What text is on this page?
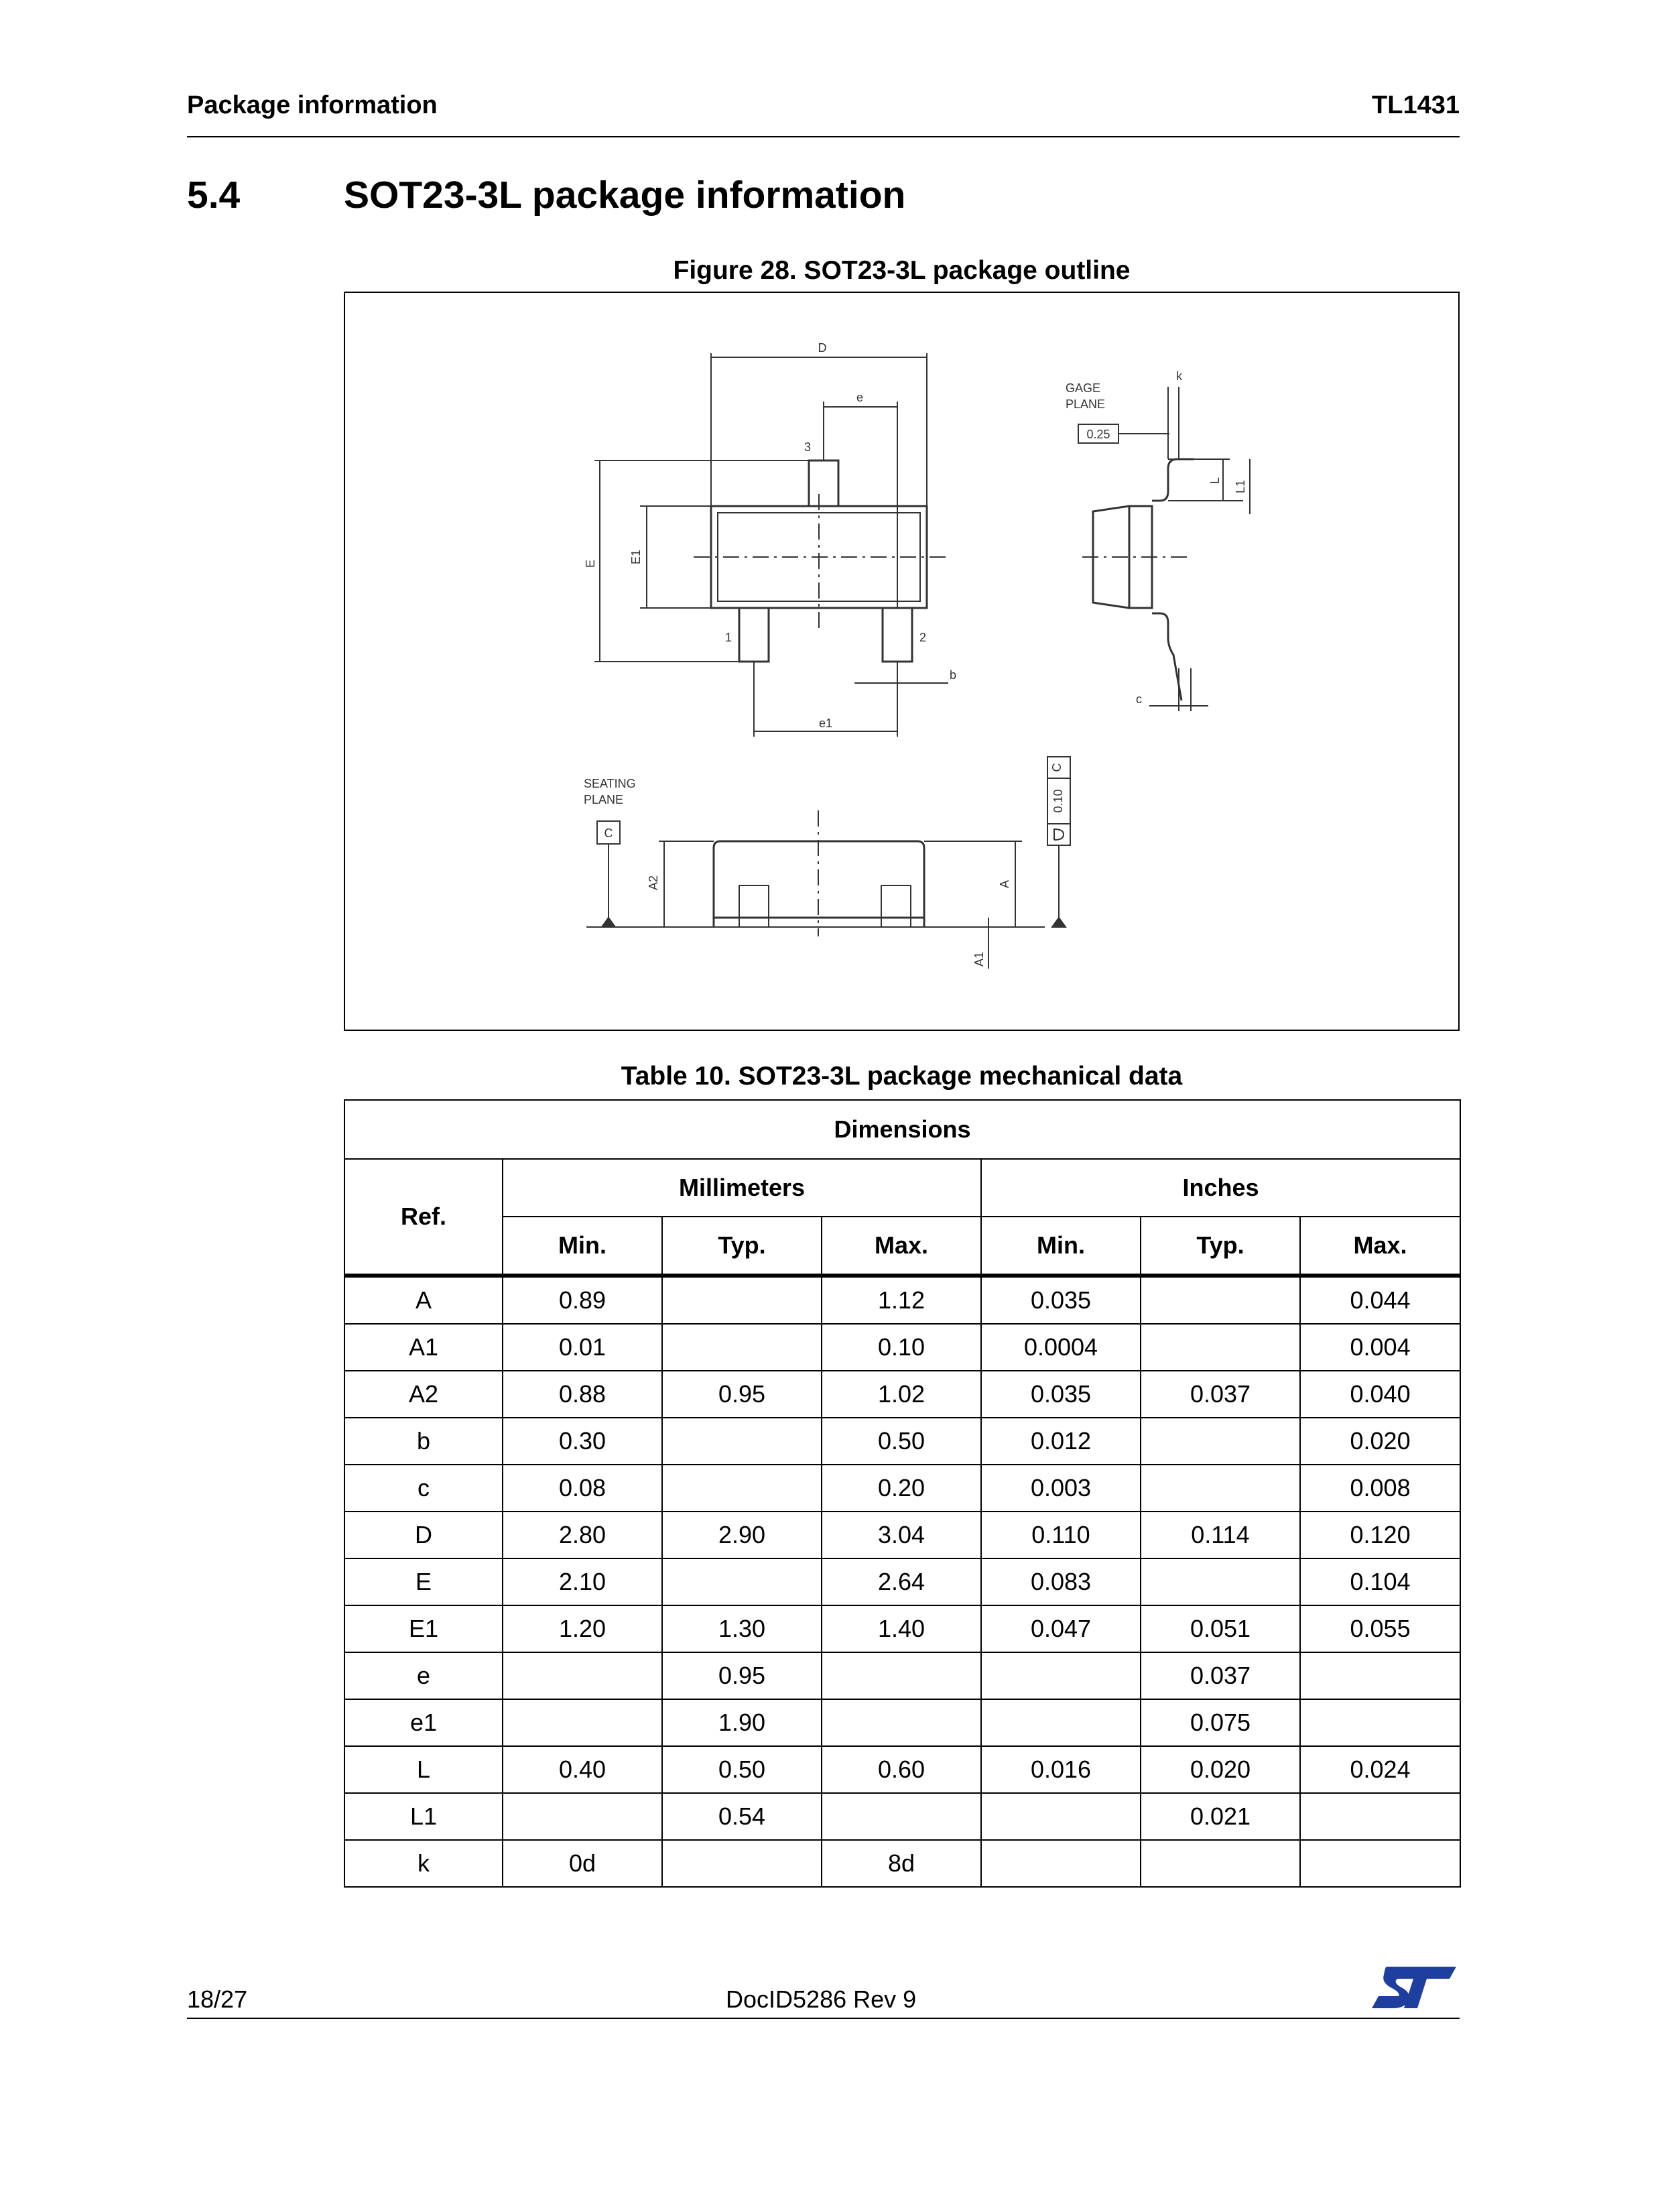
Package information	TL1431
5.4	SOT23-3L package information
Figure 28. SOT23-3L package outline
D
e
3
1	2
b
e1
E	E1
GAGE
PLANE
0.25
k
L L1
c
SEATING
PLANE
C
A2	A
A1
C
0.10
Table 10. SOT23-3L package mechanical data
Dimensions						
Ref.	Millimeters			Inches		
	Min.	Typ.	Max.	Min.	Typ.	Max.
A	0.89		1.12	0.035		0.044
A1	0.01		0.10	0.0004		0.004
A2	0.88	0.95	1.02	0.035	0.037	0.040
b	0.30		0.50	0.012		0.020
c	0.08		0.20	0.003		0.008
D	2.80	2.90	3.04	0.110	0.114	0.120
E	2.10		2.64	0.083		0.104
E1	1.20	1.30	1.40	0.047	0.051	0.055
e		0.95			0.037	
e1		1.90			0.075	
L	0.40	0.50	0.60	0.016	0.020	0.024
L1		0.54			0.021	
k	0d		8d			
18/27	DocID5286 Rev 9	ST
